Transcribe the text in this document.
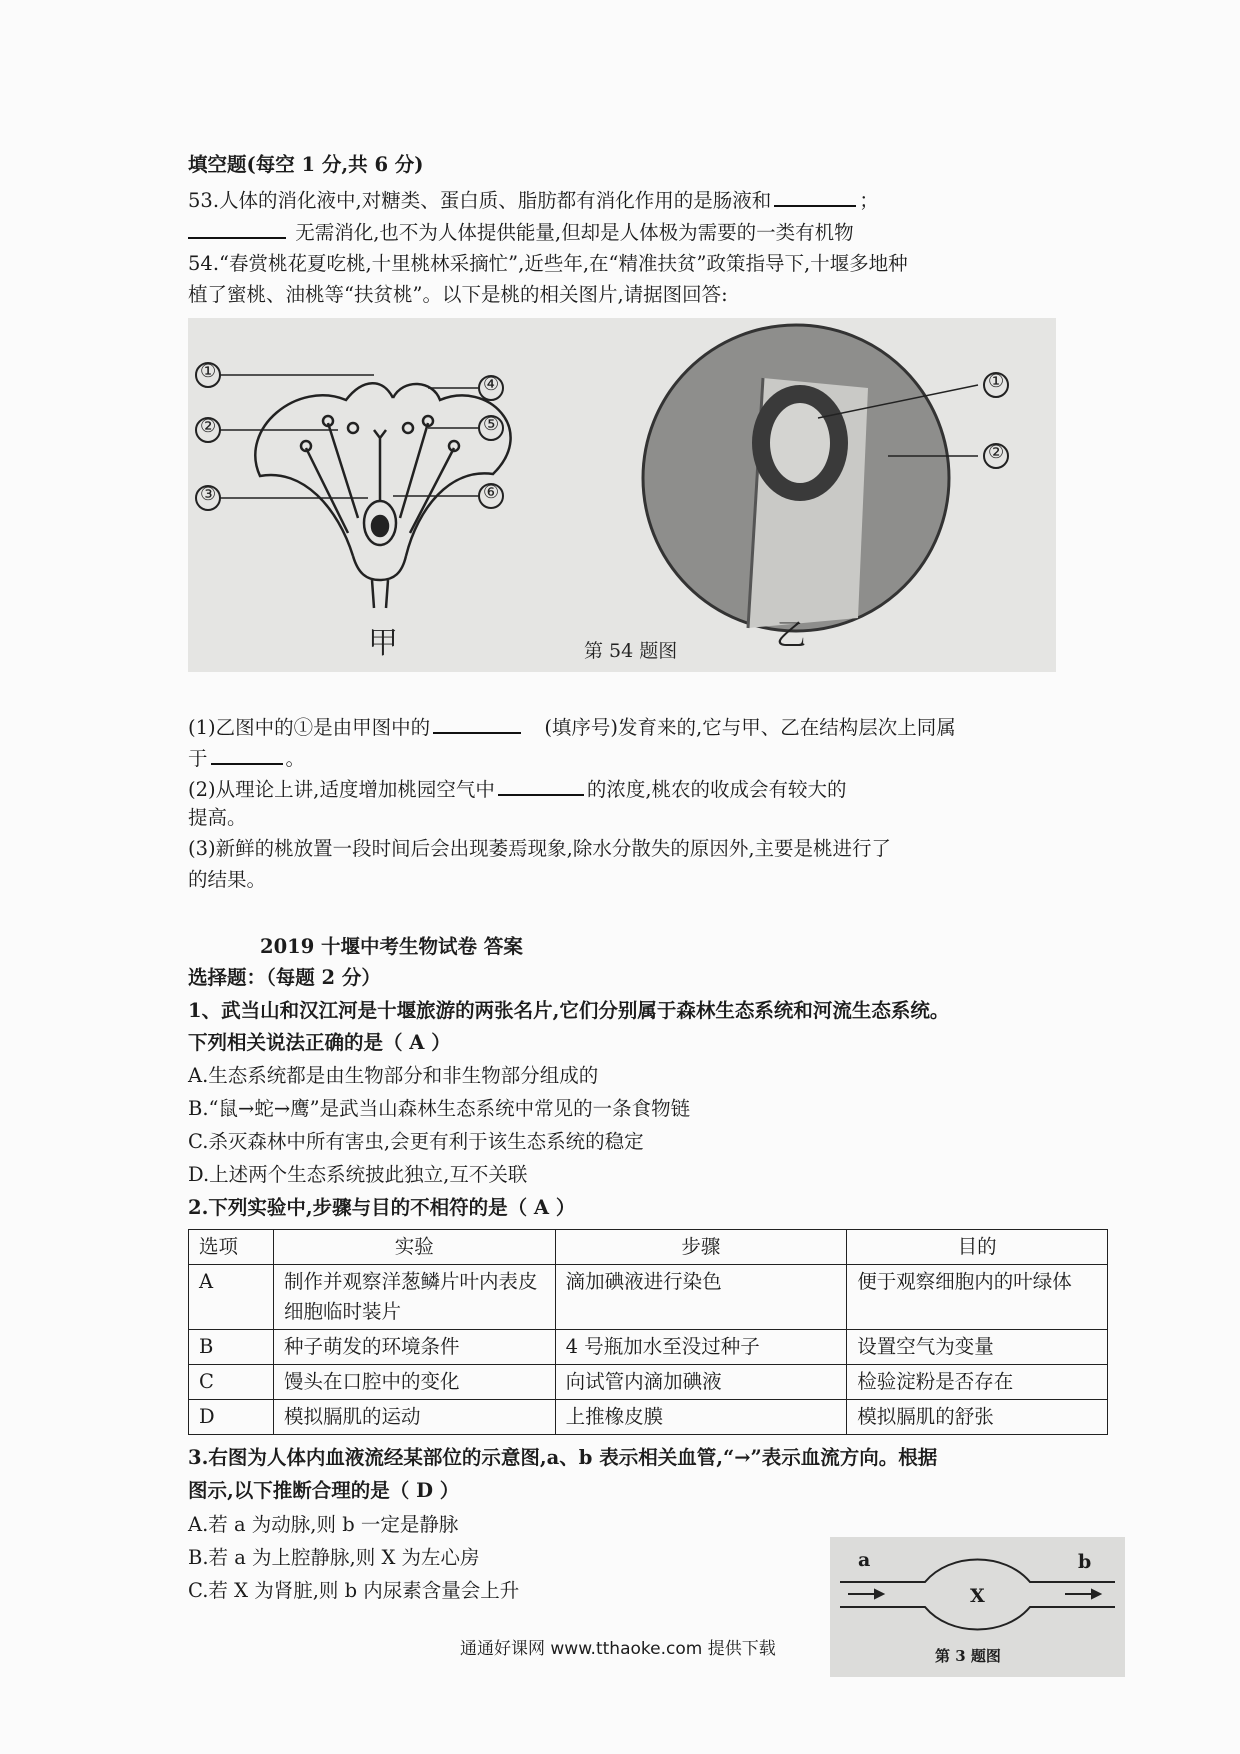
填空题(每空 1 分,共 6 分)
53.人体的消化液中,对糖类、蛋白质、脂肪都有消化作用的是肠液和	；
无需消化,也不为人体提供能量,但却是人体极为需要的一类有机物
54.“春赏桃花夏吃桃,十里桃林采摘忙”,近些年,在“精准扶贫”政策指导下,十堰多地种
植了蜜桃、油桃等“扶贫桃”。以下是桃的相关图片,请据图回答:
①
②
③
④
⑤
⑥
①
②
甲	乙
第 54 题图
(1)乙图中的①是由甲图中的	(填序号)发育来的,它与甲、乙在结构层次上同属
于	。
(2)从理论上讲,适度增加桃园空气中	的浓度,桃农的收成会有较大的
提高。
(3)新鲜的桃放置一段时间后会出现萎焉现象,除水分散失的原因外,主要是桃进行了
的结果。
2019 十堰中考生物试卷 答案
选择题：（每题 2 分）
1、武当山和汉江河是十堰旅游的两张名片,它们分别属于森林生态系统和河流生态系统。
下列相关说法正确的是（ A ）
A.生态系统都是由生物部分和非生物部分组成的
B.“鼠→蛇→鹰”是武当山森林生态系统中常见的一条食物链
C.杀灭森林中所有害虫,会更有利于该生态系统的稳定
D.上述两个生态系统披此独立,互不关联
2.下列实验中,步骤与目的不相符的是（ A ）
选项	实验	步骤	目的
A	制作并观察洋葱鳞片叶内表皮细胞临时装片	滴加碘液进行染色	便于观察细胞内的叶绿体
B	种子萌发的环境条件	4 号瓶加水至没过种子	设置空气为变量
C	馒头在口腔中的变化	向试管内滴加碘液	检验淀粉是否存在
D	模拟膈肌的运动	上推橡皮膜	模拟膈肌的舒张
3.右图为人体内血液流经某部位的示意图,a、b 表示相关血管,“→”表示血流方向。根据
图示,以下推断合理的是（ D ）
A.若 a 为动脉,则 b 一定是静脉
B.若 a 为上腔静脉,则 X 为左心房
C.若 X 为肾脏,则 b 内尿素含量会上升
a	b
X
第 3 题图
通通好课网 www.tthaoke.com 提供下载
